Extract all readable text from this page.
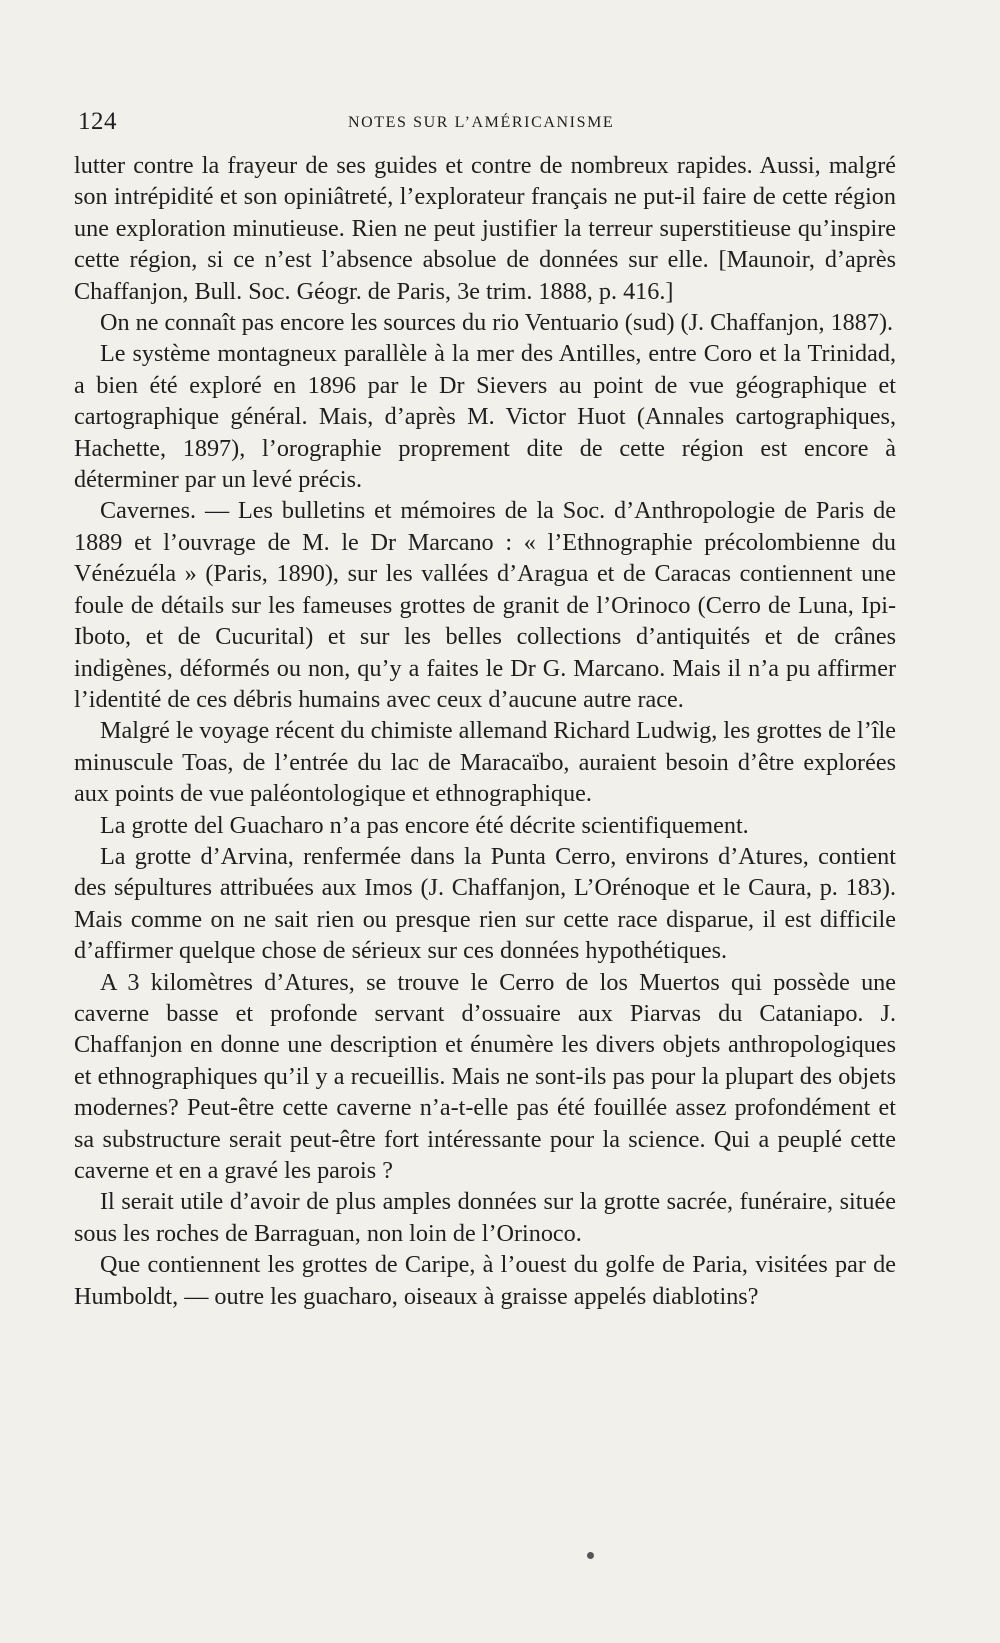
124	NOTES SUR L’AMÉRICANISME

lutter contre la frayeur de ses guides et contre de nombreux rapides. Aussi, malgré son intrépidité et son opiniâtreté, l’explorateur français ne put-il faire de cette région une exploration minutieuse. Rien ne peut justifier la terreur superstitieuse qu’inspire cette région, si ce n’est l’absence absolue de données sur elle. [Maunoir, d’après Chaffanjon, Bull. Soc. Géogr. de Paris, 3e trim. 1888, p. 416.]

On ne connaît pas encore les sources du rio Ventuario (sud) (J. Chaffanjon, 1887).

Le système montagneux parallèle à la mer des Antilles, entre Coro et la Trinidad, a bien été exploré en 1896 par le Dr Sievers au point de vue géographique et cartographique général. Mais, d’après M. Victor Huot (Annales cartographiques, Hachette, 1897), l’orographie proprement dite de cette région est encore à déterminer par un levé précis.

Cavernes. — Les bulletins et mémoires de la Soc. d’Anthropologie de Paris de 1889 et l’ouvrage de M. le Dr Marcano : « l’Ethnographie précolombienne du Vénézuéla » (Paris, 1890), sur les vallées d’Aragua et de Caracas contiennent une foule de détails sur les fameuses grottes de granit de l’Orinoco (Cerro de Luna, Ipi-Iboto, et de Cucurital) et sur les belles collections d’antiquités et de crânes indigènes, déformés ou non, qu’y a faites le Dr G. Marcano. Mais il n’a pu affirmer l’identité de ces débris humains avec ceux d’aucune autre race.

Malgré le voyage récent du chimiste allemand Richard Ludwig, les grottes de l’île minuscule Toas, de l’entrée du lac de Maracaïbo, auraient besoin d’être explorées aux points de vue paléontologique et ethnographique.

La grotte del Guacharo n’a pas encore été décrite scientifiquement.

La grotte d’Arvina, renfermée dans la Punta Cerro, environs d’Atures, contient des sépultures attribuées aux Imos (J. Chaffanjon, L’Orénoque et le Caura, p. 183). Mais comme on ne sait rien ou presque rien sur cette race disparue, il est difficile d’affirmer quelque chose de sérieux sur ces données hypothétiques.

A 3 kilomètres d’Atures, se trouve le Cerro de los Muertos qui possède une caverne basse et profonde servant d’ossuaire aux Piarvas du Cataniapo. J. Chaffanjon en donne une description et énumère les divers objets anthropologiques et ethnographiques qu’il y a recueillis. Mais ne sont-ils pas pour la plupart des objets modernes? Peut-être cette caverne n’a-t-elle pas été fouillée assez profondément et sa substructure serait peut-être fort intéressante pour la science. Qui a peuplé cette caverne et en a gravé les parois ?

Il serait utile d’avoir de plus amples données sur la grotte sacrée, funéraire, située sous les roches de Barraguan, non loin de l’Orinoco.

Que contiennent les grottes de Caripe, à l’ouest du golfe de Paria, visitées par de Humboldt, — outre les guacharo, oiseaux à graisse appelés diablotins?
